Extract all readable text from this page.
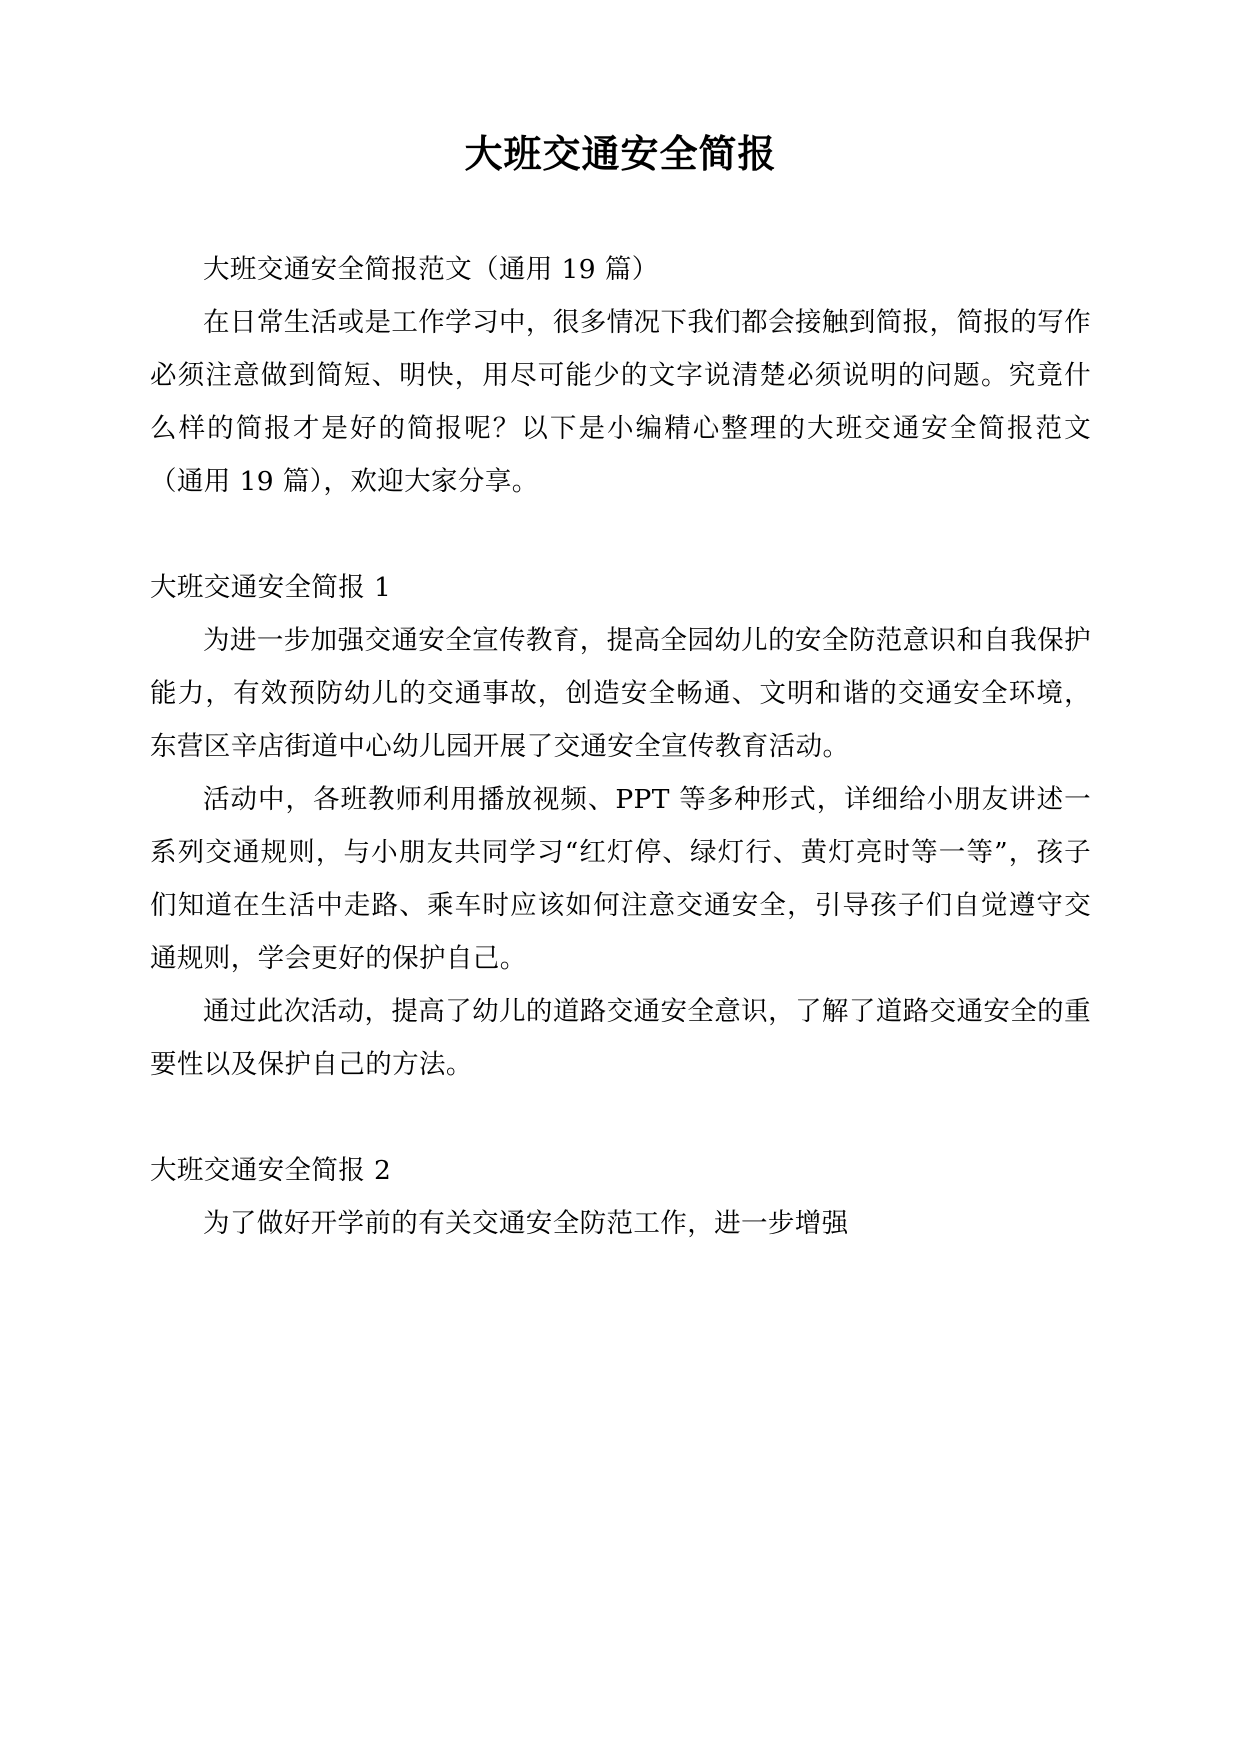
大班交通安全简报

大班交通安全简报范文（通用 19 篇）

在日常生活或是工作学习中，很多情况下我们都会接触到简报，简报的写作必须注意做到简短、明快，用尽可能少的文字说清楚必须说明的问题。究竟什么样的简报才是好的简报呢？以下是小编精心整理的大班交通安全简报范文（通用 19 篇），欢迎大家分享。

大班交通安全简报 1

为进一步加强交通安全宣传教育，提高全园幼儿的安全防范意识和自我保护能力，有效预防幼儿的交通事故，创造安全畅通、文明和谐的交通安全环境，东营区辛店街道中心幼儿园开展了交通安全宣传教育活动。

活动中，各班教师利用播放视频、PPT 等多种形式，详细给小朋友讲述一系列交通规则，与小朋友共同学习“红灯停、绿灯行、黄灯亮时等一等”，孩子们知道在生活中走路、乘车时应该如何注意交通安全，引导孩子们自觉遵守交通规则，学会更好的保护自己。

通过此次活动，提高了幼儿的道路交通安全意识，了解了道路交通安全的重要性以及保护自己的方法。

大班交通安全简报 2

为了做好开学前的有关交通安全防范工作，进一步增强
